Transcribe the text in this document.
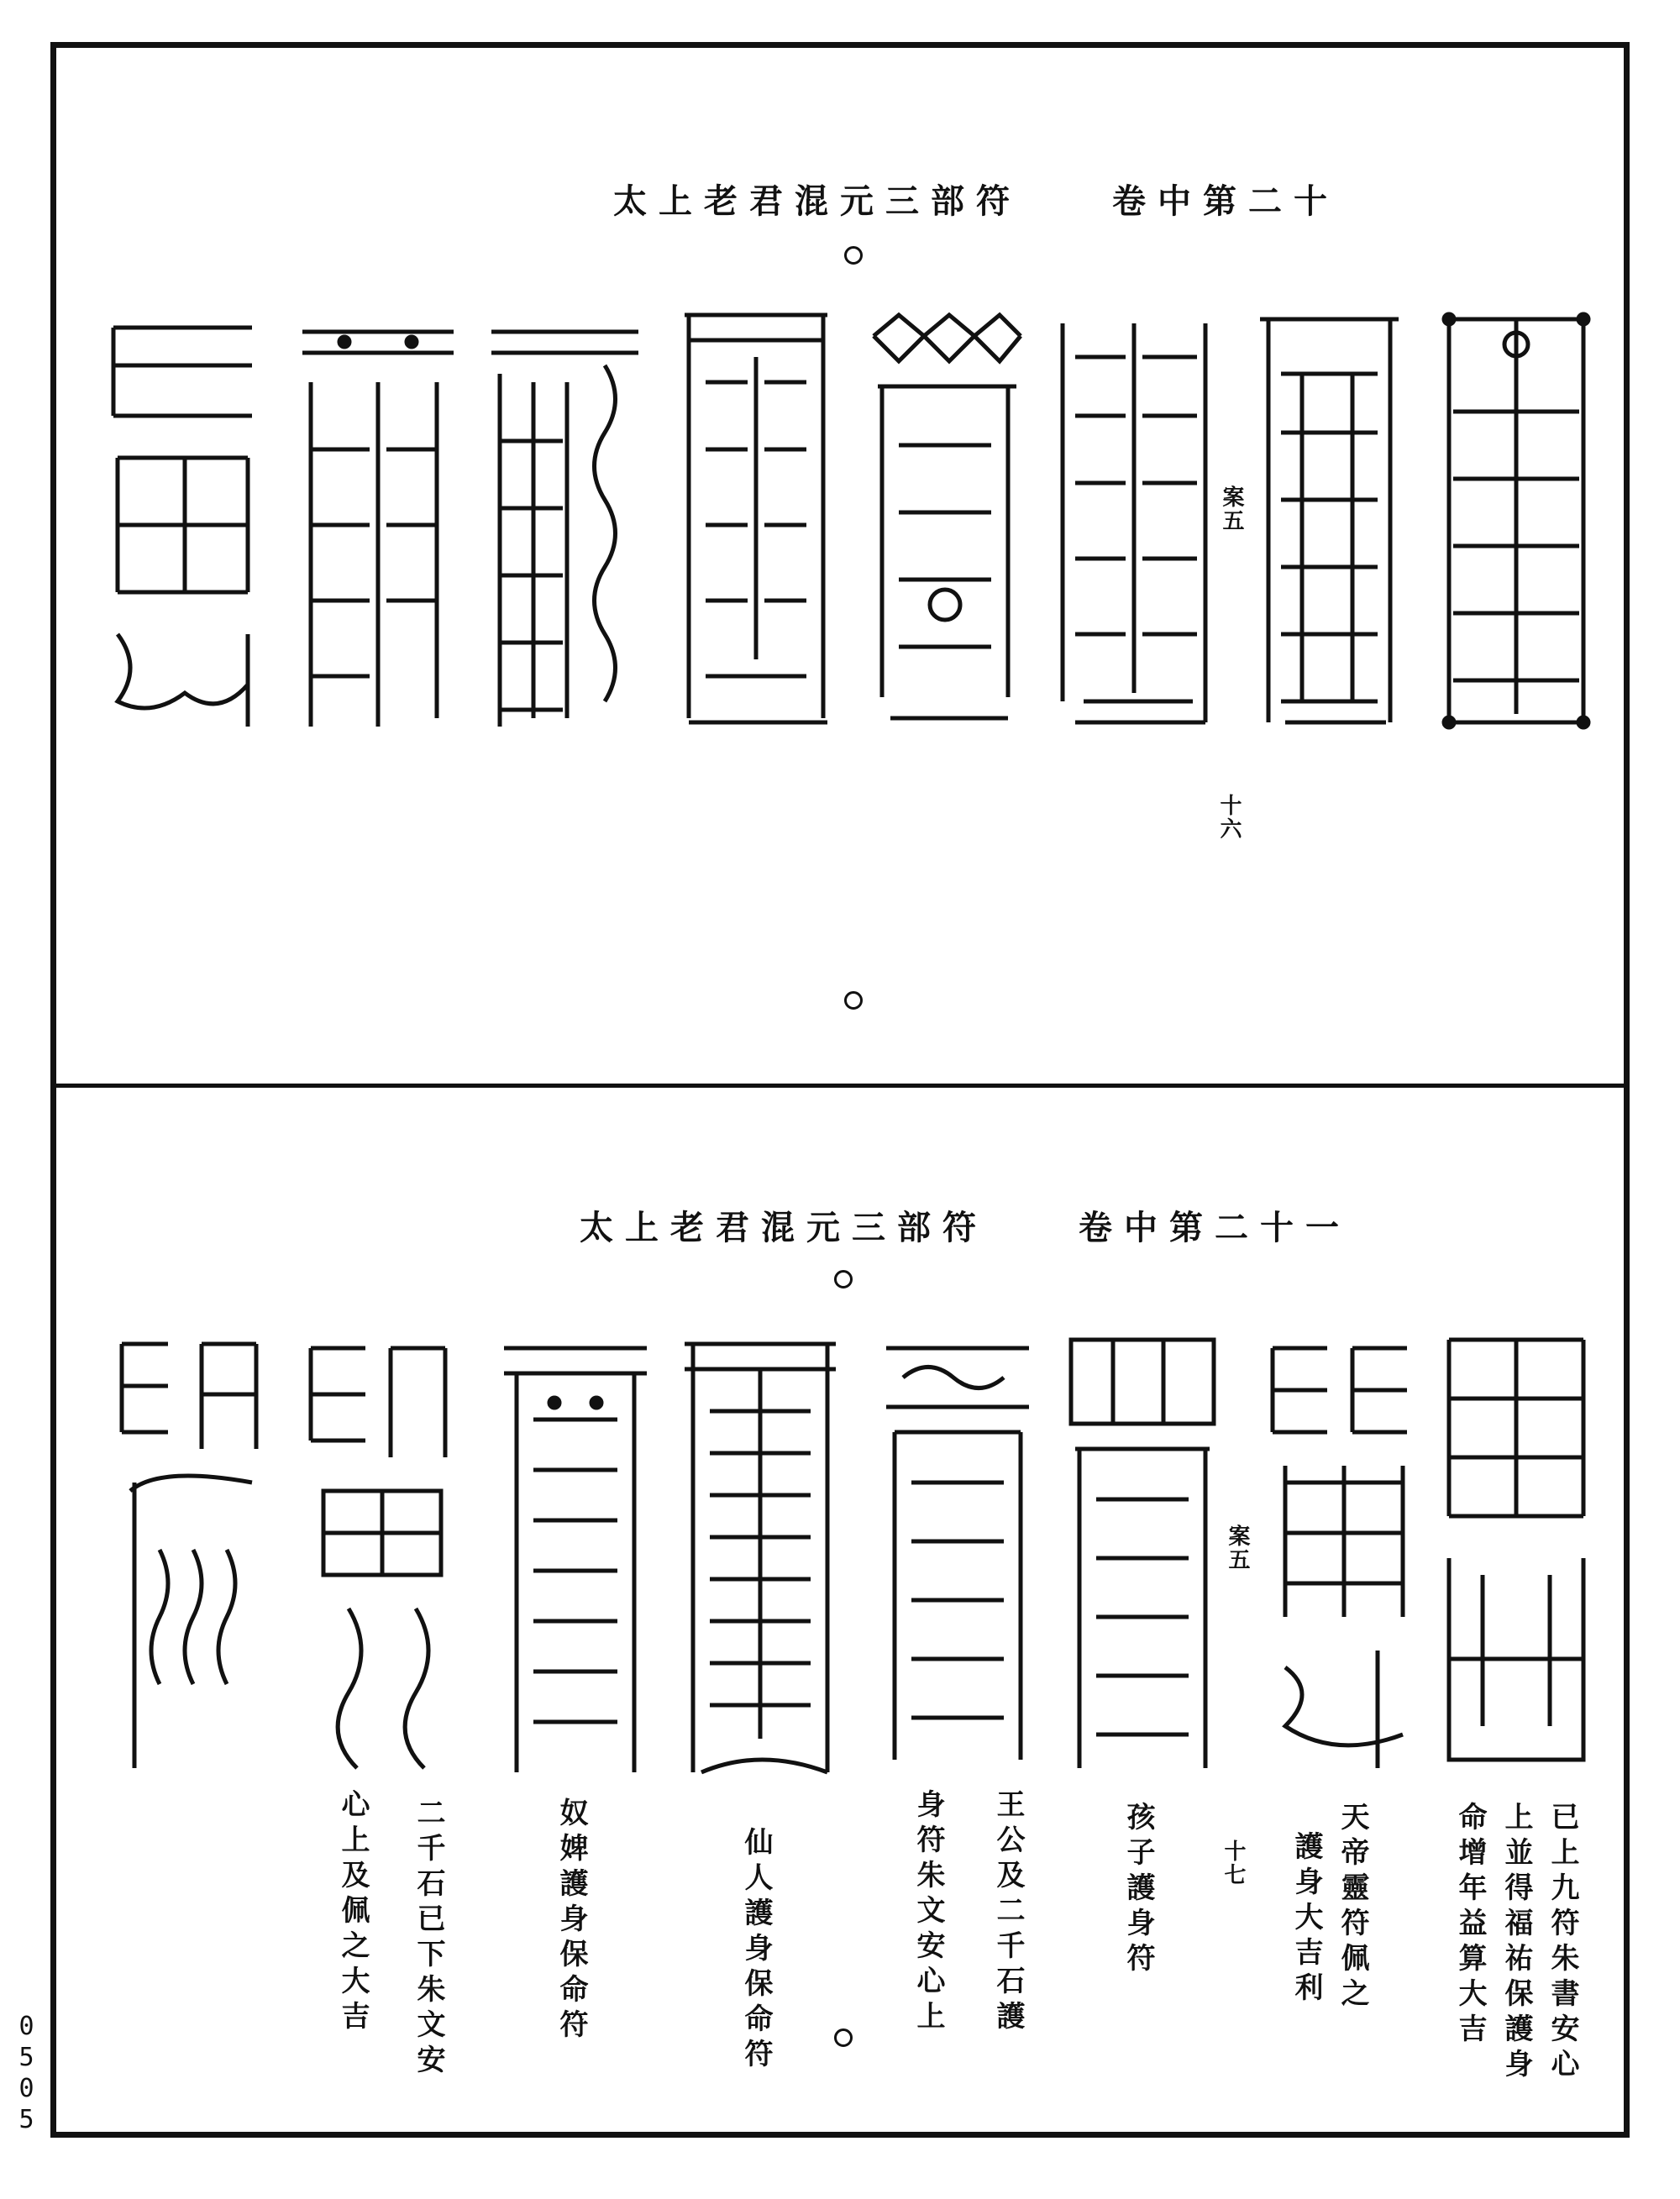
太上老君混元三部符　　卷中第二十
案五
十六
太上老君混元三部符　　卷中第二十一
案五
十七	已上九符朱書安心
上並得福祐保護身
命增年益算大吉
天帝靈符佩之
護身大吉利
孩子護身符
王公及二千石護
身符朱文安心上
仙人護身保命符
奴婢護身保命符
二千石已下朱文安
心上及佩之大吉
0505
